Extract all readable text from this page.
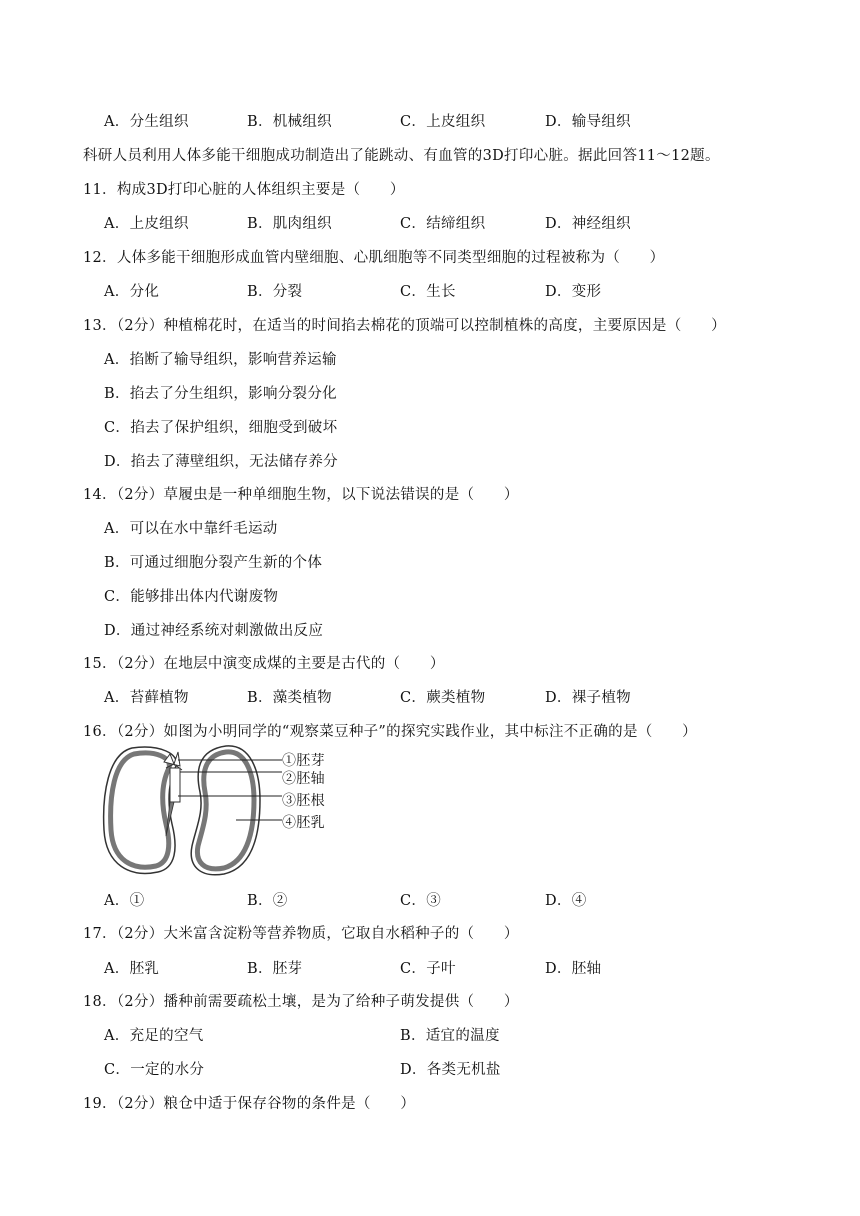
A．分生组织	B．机械组织	C．上皮组织	D．输导组织
科研人员利用人体多能干细胞成功制造出了能跳动、有血管的3D打印心脏。据此回答11～12题。
11．构成3D打印心脏的人体组织主要是（　　）
A．上皮组织	B．肌肉组织	C．结缔组织	D．神经组织
12．人体多能干细胞形成血管内壁细胞、心肌细胞等不同类型细胞的过程被称为（　　）
A．分化	B．分裂	C．生长	D．变形
13．（2分）种植棉花时，在适当的时间掐去棉花的顶端可以控制植株的高度，主要原因是（　　）
A．掐断了输导组织，影响营养运输
B．掐去了分生组织，影响分裂分化
C．掐去了保护组织，细胞受到破坏
D．掐去了薄壁组织，无法储存养分
14．（2分）草履虫是一种单细胞生物，以下说法错误的是（　　）
A．可以在水中靠纤毛运动
B．可通过细胞分裂产生新的个体
C．能够排出体内代谢废物
D．通过神经系统对刺激做出反应
15．（2分）在地层中演变成煤的主要是古代的（　　）
A．苔藓植物	B．藻类植物	C．蕨类植物	D．裸子植物
16．（2分）如图为小明同学的“观察菜豆种子”的探究实践作业，其中标注不正确的是（　　）
①胚芽
②胚轴
③胚根
④胚乳
A．①	B．②	C．③	D．④
17．（2分）大米富含淀粉等营养物质，它取自水稻种子的（　　）
A．胚乳	B．胚芽	C．子叶	D．胚轴
18．（2分）播种前需要疏松土壤，是为了给种子萌发提供（　　）
A．充足的空气	B．适宜的温度
C．一定的水分	D．各类无机盐
19．（2分）粮仓中适于保存谷物的条件是（　　）
